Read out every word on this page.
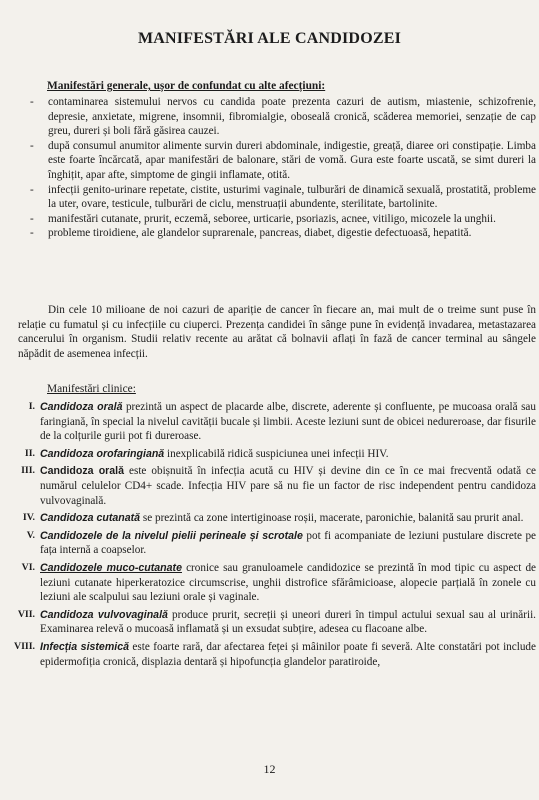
MANIFESTĂRI ALE CANDIDOZEI
Manifestări generale, ușor de confundat cu alte afecțiuni:
- contaminarea sistemului nervos cu candida poate prezenta cazuri de autism, miastenie, schizofrenie, depresie, anxietate, migrene, insomnii, fibromialgie, oboseală cronică, scăderea memoriei, senzație de cap greu, dureri și boli fără găsirea cauzei.
- după consumul anumitor alimente survin dureri abdominale, indigestie, greață, diaree ori constipație. Limba este foarte încărcată, apar manifestări de balonare, stări de vomă. Gura este foarte uscată, se simt dureri la înghițit, apar afte, simptome de gingii inflamate, otită.
- infecții genito-urinare repetate, cistite, usturimi vaginale, tulburări de dinamică sexuală, prostatită, probleme la uter, ovare, testicule, tulburări de ciclu, menstruații abundente, sterilitate, bartolinite.
- manifestări cutanate, prurit, eczemă, seboree, urticarie, psoriazis, acnee, vitiligo, micozele la unghii.
- probleme tiroidiene, ale glandelor suprarenale, pancreas, diabet, digestie defectuoasă, hepatită.
Din cele 10 milioane de noi cazuri de apariție de cancer în fiecare an, mai mult de o treime sunt puse în relație cu fumatul și cu infecțiile cu ciuperci. Prezența candidei în sânge pune în evidență invadarea, metastazarea cancerului în organism. Studii relativ recente au arătat că bolnavii aflați în fază de cancer terminal au sângele năpădit de asemenea infecții.
Manifestări clinice:
I. Candidoza orală prezintă un aspect de placarde albe, discrete, aderente și confluente, pe mucoasa orală sau faringiană, în special la nivelul cavității bucale și limbii. Aceste leziuni sunt de obicei nedureroase, dar fisurile de la colțurile gurii pot fi dureroase.
II. Candidoza orofaringiană inexplicabilă ridică suspiciunea unei infecții HIV.
III. Candidoza orală este obișnuită în infecția acută cu HIV și devine din ce în ce mai frecventă odată ce numărul celulelor CD4+ scade. Infecția HIV pare să nu fie un factor de risc independent pentru candidoza vulvovaginală.
IV. Candidoza cutanată se prezintă ca zone intertiginoase roșii, macerate, paronichie, balanită sau prurit anal.
V. Candidozele de la nivelul pielii perineale și scrotale pot fi acompaniate de leziuni pustulare discrete pe fața internă a coapselor.
VI. Candidozele muco-cutanate cronice sau granuloamele candidozice se prezintă în mod tipic cu aspect de leziuni cutanate hiperkeratozice circumscrise, unghii distrofice sfărâmicioase, alopecie parțială în zonele cu leziuni ale scalpului sau leziuni orale și vaginale.
VII. Candidoza vulvovaginală produce prurit, secreții și uneori dureri în timpul actului sexual sau al urinării. Examinarea relevă o mucoasă inflamată și un exsudat subțire, adesea cu flacoane albe.
VIII. Infecția sistemică este foarte rară, dar afectarea feței și mâinilor poate fi severă. Alte constatări pot include epidermofiția cronică, displazia dentară și hipofuncția glandelor paratiroide,
12
